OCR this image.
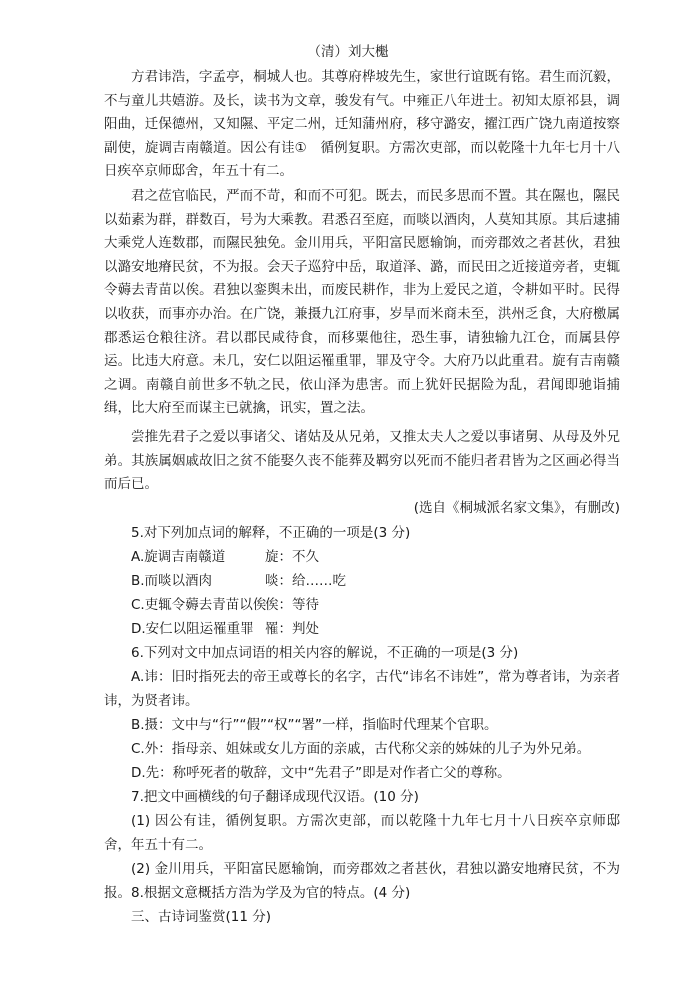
（清）刘大櫆
方君讳浩，字孟亭，桐城人也。其尊府桦坡先生，家世行谊既有铭。君生而沉毅，不与童儿共嬉游。及长，读书为文章，骏发有气。中雍正八年进士。初知太原祁县，调阳曲，迁保德州，又知隰、平定二州，迁知蒲州府，移守潞安，擢江西广饶九南道按察副使，旋调吉南赣道。因公有诖①　循例复职。方需次吏部，而以乾隆十九年七月十八日疾卒京师邸舍，年五十有二。
君之莅官临民，严而不苛，和而不可犯。既去，而民多思而不置。其在隰也，隰民以茹素为群，群数百，号为大乘教。君悉召至庭，而啖以酒肉，人莫知其原。其后逮捕大乘党人连数郡，而隰民独免。金川用兵，平阳富民愿输饷，而旁郡效之者甚伙，君独以潞安地瘠民贫，不为报。会天子巡狩中岳，取道泽、潞，而民田之近接道旁者，吏辄令薅去青苗以俟。君独以銮舆未出，而废民耕作，非为上爱民之道，令耕如平时。民得以收获，而事亦办治。在广饶，兼摄九江府事，岁旱而米商未至，洪州乏食，大府檄属郡悉运仓粮往济。君以郡民咸待食，而移粟他往，恐生事，请独输九江仓，而属县停运。比违大府意。未几，安仁以阻运罹重罪，罪及守令。大府乃以此重君。旋有吉南赣之调。南赣自前世多不轨之民，依山泽为患害。而上犹奸民据险为乱，君闻即驰诣捕缉，比大府至而谋主已就擒，讯实，置之法。
尝推先君子之爱以事诸父、诸姑及从兄弟，又推太夫人之爱以事诸舅、从母及外兄弟。其族属姻戚故旧之贫不能娶久丧不能葬及羁穷以死而不能归者君皆为之区画必得当而后已。
(选自《桐城派名家文集》，有删改)
5.对下列加点词的解释，不正确的一项是(3 分)
A.旋调吉南赣道	旋：不久
B.而啖以酒肉	啖：给……吃
C.吏辄令薅去青苗以俟
俟：等待
D.安仁以阻运罹重罪 罹：判处
6.下列对文中加点词语的相关内容的解说，不正确的一项是(3 分)
A.讳：旧时指死去的帝王或尊长的名字，古代“讳名不讳姓”，常为尊者讳，为亲者讳，为贤者讳。
B.摄：文中与“行”“假”“权”“署”一样，指临时代理某个官职。
C.外：指母亲、姐妹或女儿方面的亲戚，古代称父亲的姊妹的儿子为外兄弟。
D.先：称呼死者的敬辞，文中“先君子”即是对作者亡父的尊称。
7.把文中画横线的句子翻译成现代汉语。(10 分)
(1) 因公有诖，循例复职。方需次吏部，而以乾隆十九年七月十八日疾卒京师邸舍，年五十有二。
(2) 金川用兵，平阳富民愿输饷，而旁郡效之者甚伙，君独以潞安地瘠民贫，不为报。 8.根据文意概括方浩为学及为官的特点。(4 分)
三、古诗词鉴赏(11 分)
